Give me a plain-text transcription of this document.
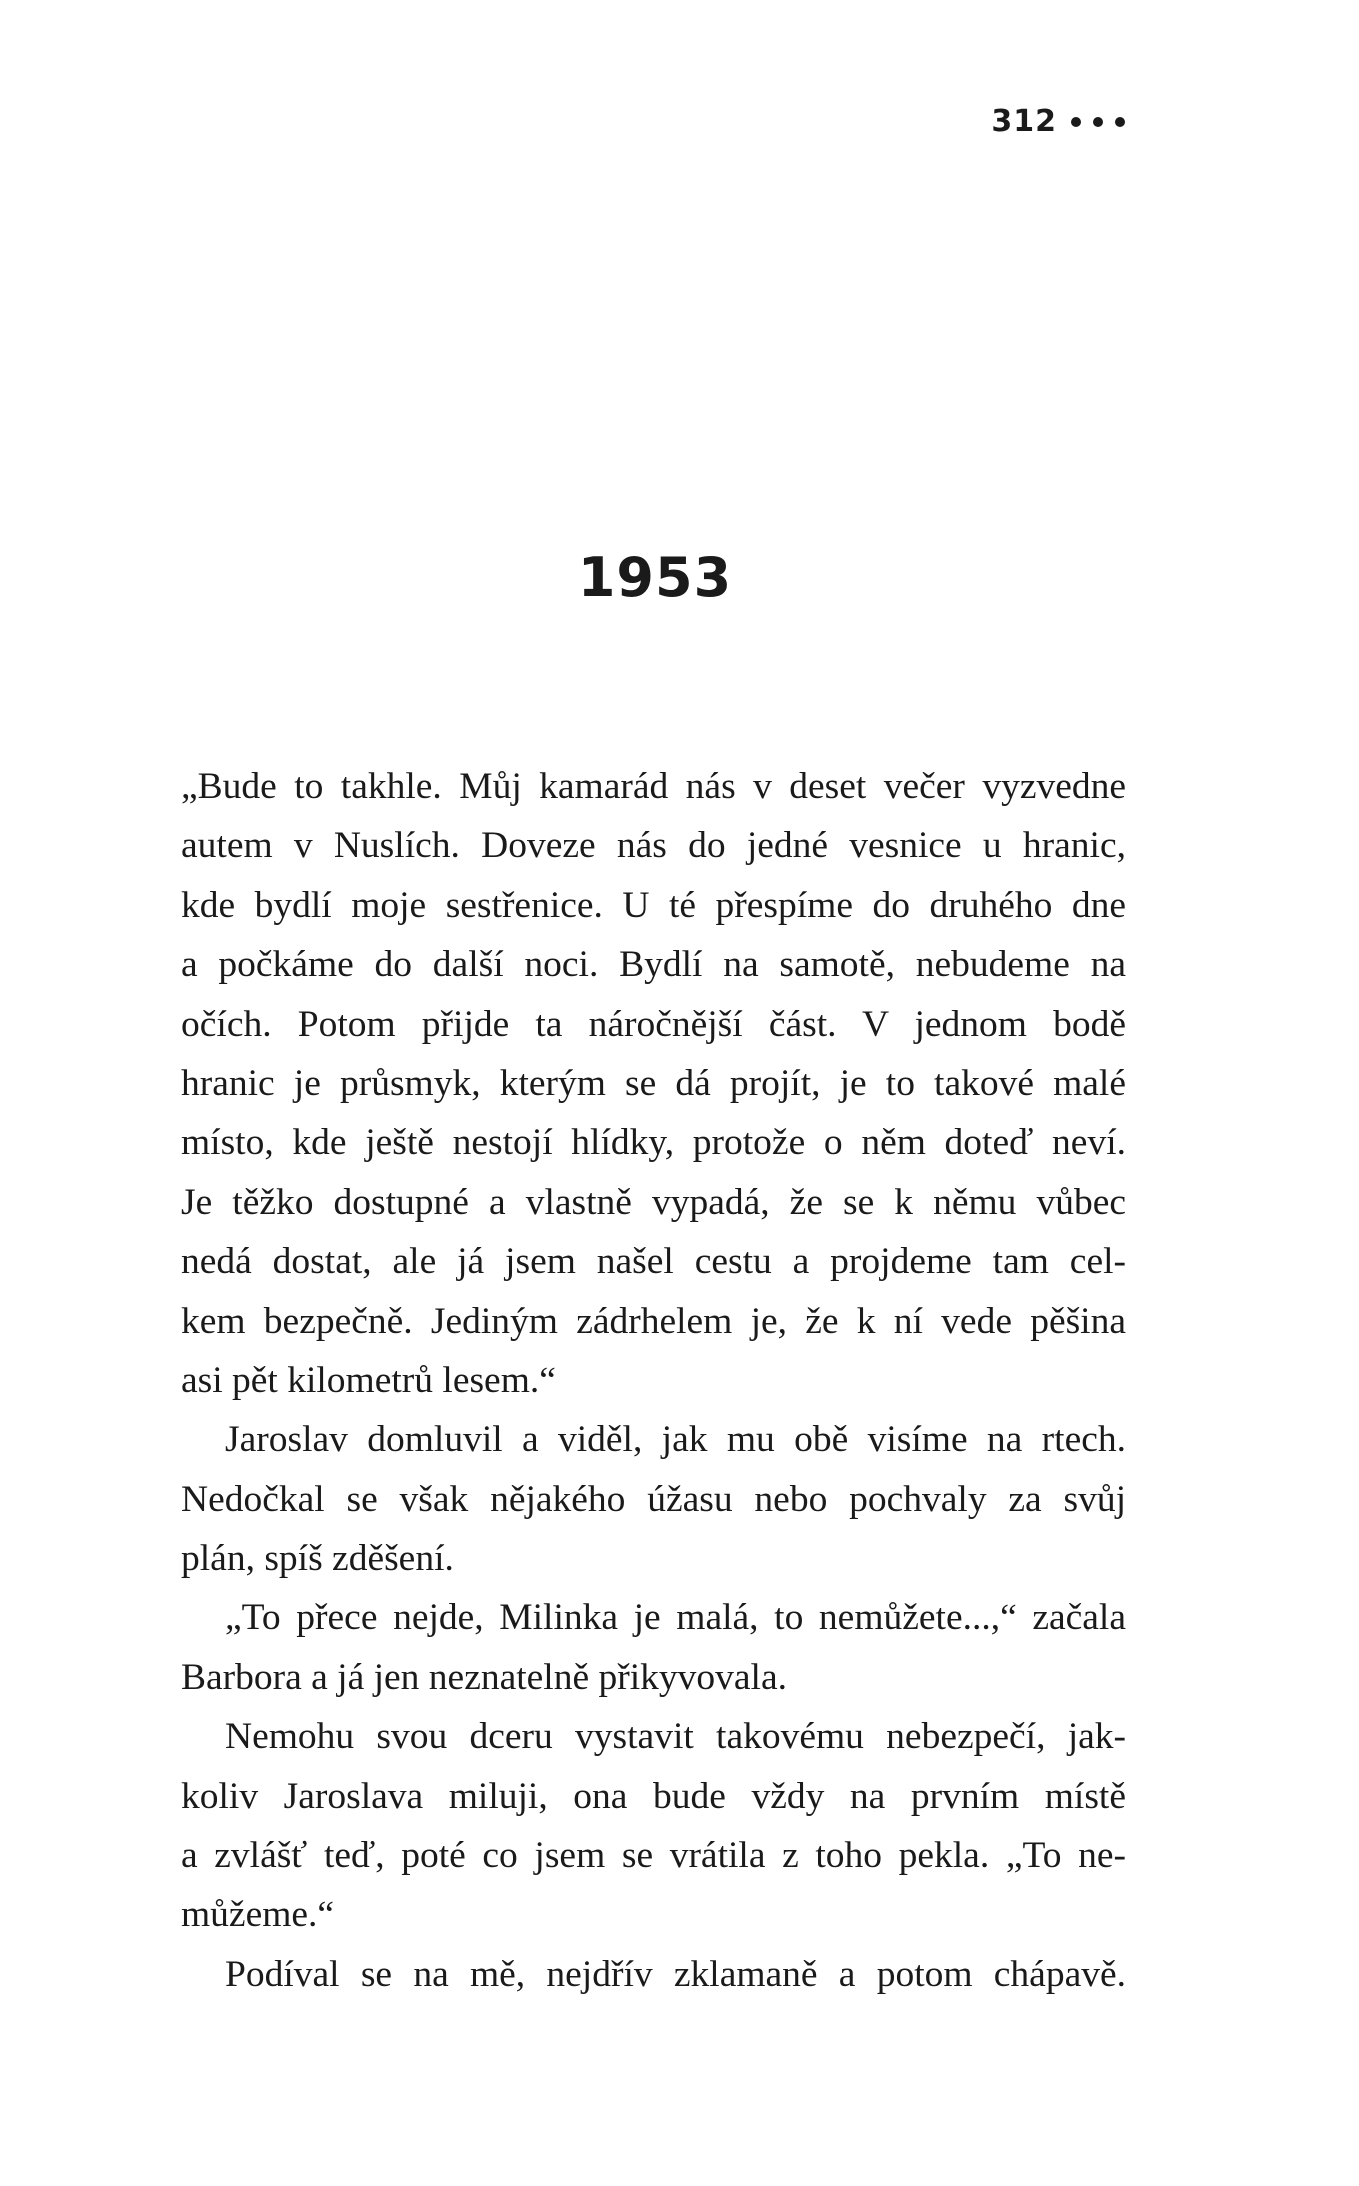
312
1953
„Bude to takhle. Můj kamarád nás v deset večer vyzvedne
autem v Nuslích. Doveze nás do jedné vesnice u hranic,
kde bydlí moje sestřenice. U té přespíme do druhého dne
a počkáme do další noci. Bydlí na samotě, nebudeme na
očích. Potom přijde ta náročnější část. V jednom bodě
hranic je průsmyk, kterým se dá projít, je to takové malé
místo, kde ještě nestojí hlídky, protože o něm doteď neví.
Je těžko dostupné a vlastně vypadá, že se k němu vůbec
nedá dostat, ale já jsem našel cestu a projdeme tam cel-
kem bezpečně. Jediným zádrhelem je, že k ní vede pěšina
asi pět kilometrů lesem.“
Jaroslav domluvil a viděl, jak mu obě visíme na rtech.
Nedočkal se však nějakého úžasu nebo pochvaly za svůj
plán, spíš zděšení.
„To přece nejde, Milinka je malá, to nemůžete...,“ začala
Barbora a já jen neznatelně přikyvovala.
Nemohu svou dceru vystavit takovému nebezpečí, jak-
koliv Jaroslava miluji, ona bude vždy na prvním místě
a zvlášť teď, poté co jsem se vrátila z toho pekla. „To ne-
můžeme.“
Podíval se na mě, nejdřív zklamaně a potom chápavě.
